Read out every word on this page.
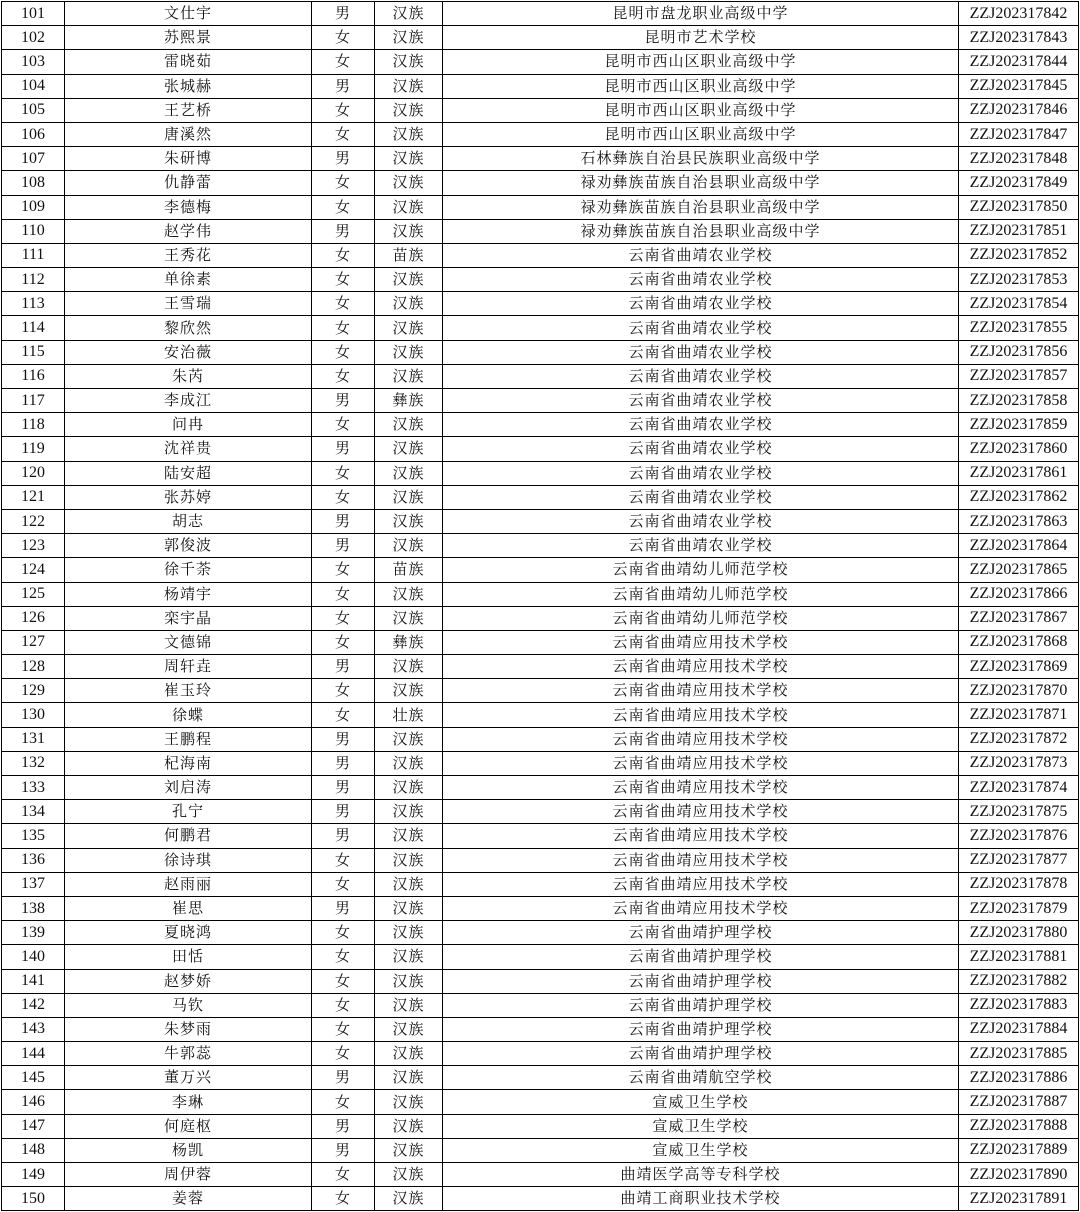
101	文仕宇	男	汉族	昆明市盘龙职业高级中学	ZZJ202317842
102	苏熙景	女	汉族	昆明市艺术学校	ZZJ202317843
103	雷晓茹	女	汉族	昆明市西山区职业高级中学	ZZJ202317844
104	张城赫	男	汉族	昆明市西山区职业高级中学	ZZJ202317845
105	王艺桥	女	汉族	昆明市西山区职业高级中学	ZZJ202317846
106	唐溪然	女	汉族	昆明市西山区职业高级中学	ZZJ202317847
107	朱研博	男	汉族	石林彝族自治县民族职业高级中学	ZZJ202317848
108	仇静蕾	女	汉族	禄劝彝族苗族自治县职业高级中学	ZZJ202317849
109	李德梅	女	汉族	禄劝彝族苗族自治县职业高级中学	ZZJ202317850
110	赵学伟	男	汉族	禄劝彝族苗族自治县职业高级中学	ZZJ202317851
111	王秀花	女	苗族	云南省曲靖农业学校	ZZJ202317852
112	单徐素	女	汉族	云南省曲靖农业学校	ZZJ202317853
113	王雪瑞	女	汉族	云南省曲靖农业学校	ZZJ202317854
114	黎欣然	女	汉族	云南省曲靖农业学校	ZZJ202317855
115	安治薇	女	汉族	云南省曲靖农业学校	ZZJ202317856
116	朱芮	女	汉族	云南省曲靖农业学校	ZZJ202317857
117	李成江	男	彝族	云南省曲靖农业学校	ZZJ202317858
118	问冉	女	汉族	云南省曲靖农业学校	ZZJ202317859
119	沈祥贵	男	汉族	云南省曲靖农业学校	ZZJ202317860
120	陆安超	女	汉族	云南省曲靖农业学校	ZZJ202317861
121	张苏婷	女	汉族	云南省曲靖农业学校	ZZJ202317862
122	胡志	男	汉族	云南省曲靖农业学校	ZZJ202317863
123	郭俊波	男	汉族	云南省曲靖农业学校	ZZJ202317864
124	徐千荼	女	苗族	云南省曲靖幼儿师范学校	ZZJ202317865
125	杨靖宇	女	汉族	云南省曲靖幼儿师范学校	ZZJ202317866
126	栾宇晶	女	汉族	云南省曲靖幼儿师范学校	ZZJ202317867
127	文德锦	女	彝族	云南省曲靖应用技术学校	ZZJ202317868
128	周轩垚	男	汉族	云南省曲靖应用技术学校	ZZJ202317869
129	崔玉玲	女	汉族	云南省曲靖应用技术学校	ZZJ202317870
130	徐蝶	女	壮族	云南省曲靖应用技术学校	ZZJ202317871
131	王鹏程	男	汉族	云南省曲靖应用技术学校	ZZJ202317872
132	杞海南	男	汉族	云南省曲靖应用技术学校	ZZJ202317873
133	刘启涛	男	汉族	云南省曲靖应用技术学校	ZZJ202317874
134	孔宁	男	汉族	云南省曲靖应用技术学校	ZZJ202317875
135	何鹏君	男	汉族	云南省曲靖应用技术学校	ZZJ202317876
136	徐诗琪	女	汉族	云南省曲靖应用技术学校	ZZJ202317877
137	赵雨丽	女	汉族	云南省曲靖应用技术学校	ZZJ202317878
138	崔思	男	汉族	云南省曲靖应用技术学校	ZZJ202317879
139	夏晓鸿	女	汉族	云南省曲靖护理学校	ZZJ202317880
140	田恬	女	汉族	云南省曲靖护理学校	ZZJ202317881
141	赵梦娇	女	汉族	云南省曲靖护理学校	ZZJ202317882
142	马钦	女	汉族	云南省曲靖护理学校	ZZJ202317883
143	朱梦雨	女	汉族	云南省曲靖护理学校	ZZJ202317884
144	牛郭蕊	女	汉族	云南省曲靖护理学校	ZZJ202317885
145	董万兴	男	汉族	云南省曲靖航空学校	ZZJ202317886
146	李琳	女	汉族	宣威卫生学校	ZZJ202317887
147	何庭枢	男	汉族	宣威卫生学校	ZZJ202317888
148	杨凯	男	汉族	宣威卫生学校	ZZJ202317889
149	周伊蓉	女	汉族	曲靖医学高等专科学校	ZZJ202317890
150	姜蓉	女	汉族	曲靖工商职业技术学校	ZZJ202317891
